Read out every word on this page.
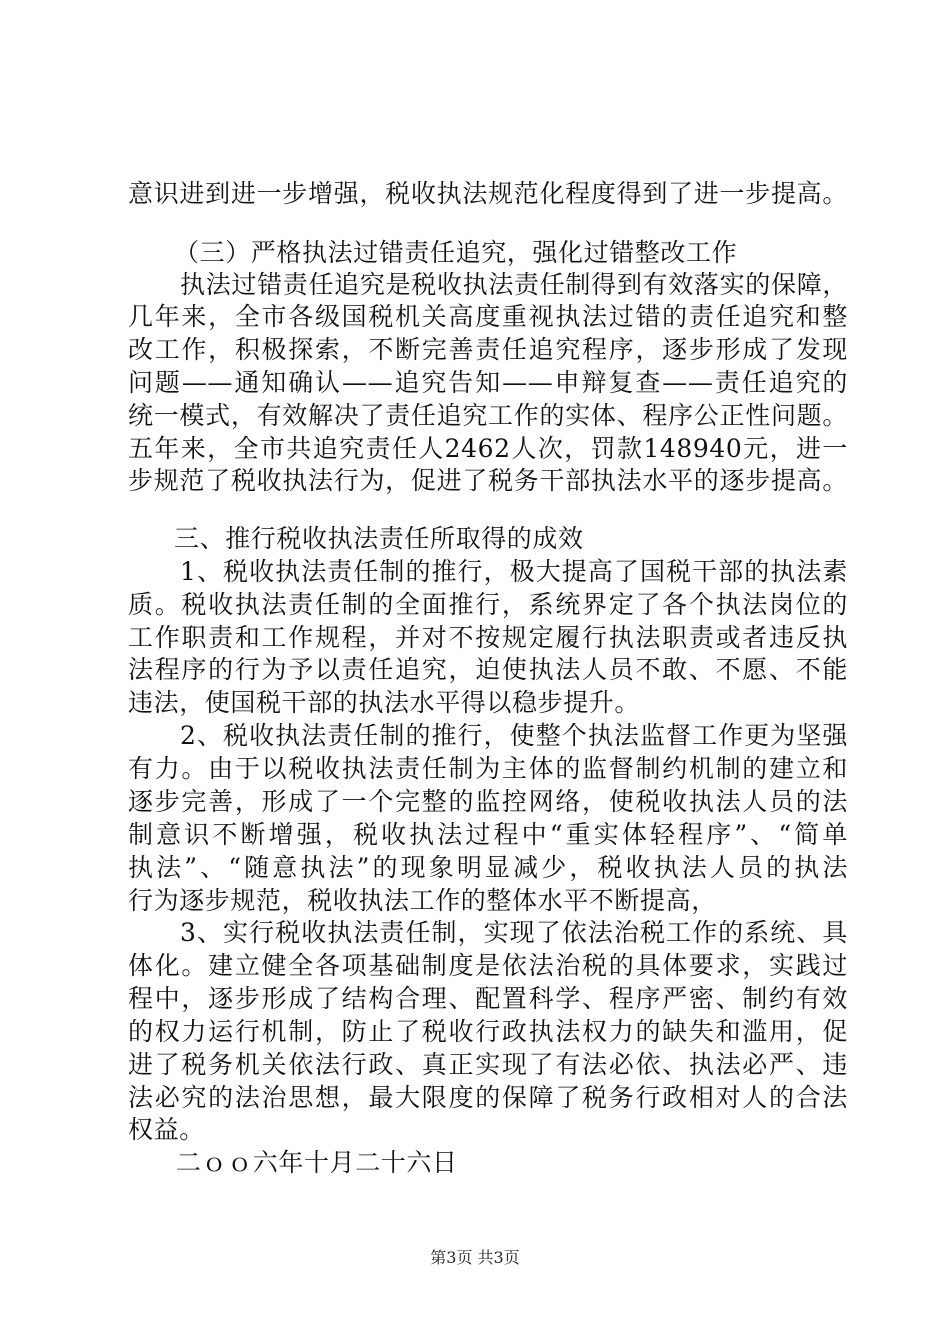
意识进到进一步增强，税收执法规范化程度得到了进一步提高。
（三）严格执法过错责任追究，强化过错整改工作
执法过错责任追究是税收执法责任制得到有效落实的保障，
几年来，全市各级国税机关高度重视执法过错的责任追究和整
改工作，积极探索，不断完善责任追究程序，逐步形成了发现
问题——通知确认——追究告知——申辩复查——责任追究的
统一模式，有效解决了责任追究工作的实体、程序公正性问题。
五年来，全市共追究责任人2462人次，罚款148940元，进一
步规范了税收执法行为，促进了税务干部执法水平的逐步提高。
三、推行税收执法责任所取得的成效
1、税收执法责任制的推行，极大提高了国税干部的执法素
质。税收执法责任制的全面推行，系统界定了各个执法岗位的
工作职责和工作规程，并对不按规定履行执法职责或者违反执
法程序的行为予以责任追究，迫使执法人员不敢、不愿、不能
违法，使国税干部的执法水平得以稳步提升。
2、税收执法责任制的推行，使整个执法监督工作更为坚强
有力。由于以税收执法责任制为主体的监督制约机制的建立和
逐步完善，形成了一个完整的监控网络，使税收执法人员的法
制意识不断增强，税收执法过程中“重实体轻程序”、“简单
执法”、“随意执法”的现象明显减少，税收执法人员的执法
行为逐步规范，税收执法工作的整体水平不断提高，
3、实行税收执法责任制，实现了依法治税工作的系统、具
体化。建立健全各项基础制度是依法治税的具体要求，实践过
程中，逐步形成了结构合理、配置科学、程序严密、制约有效
的权力运行机制，防止了税收行政执法权力的缺失和滥用，促
进了税务机关依法行政、真正实现了有法必依、执法必严、违
法必究的法治思想，最大限度的保障了税务行政相对人的合法
权益。
二ｏｏ六年十月二十六日
第3页 共3页
